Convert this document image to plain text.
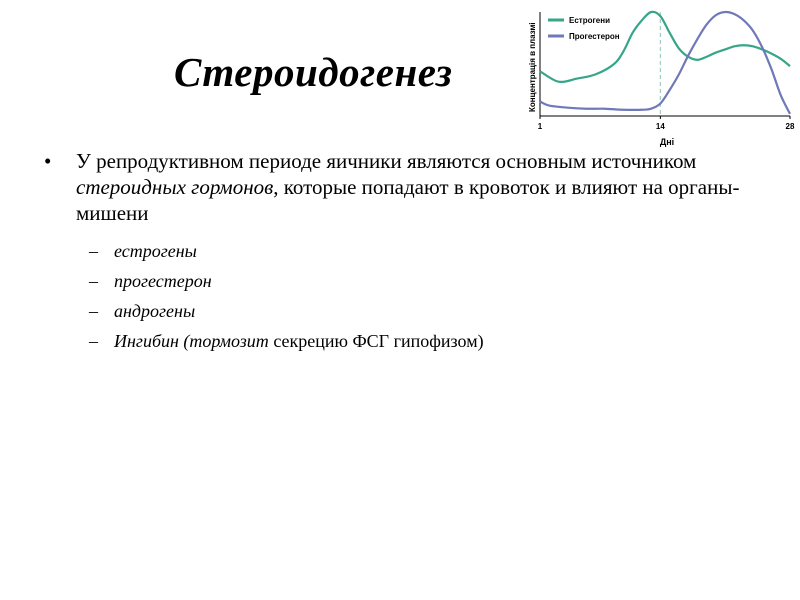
Стероидогенез
Естрогени
Прогестерон
1	14	28
Концентрація в плазмі
Дні
• У репродуктивном периоде яичники являются основным источником стероидных гормонов, которые попадают в кровоток и влияют на органы-мишени
– естрогены
– прогестерон
– андрогены
– Ингибин (тормозит секрецию ФСГ гипофизом)
